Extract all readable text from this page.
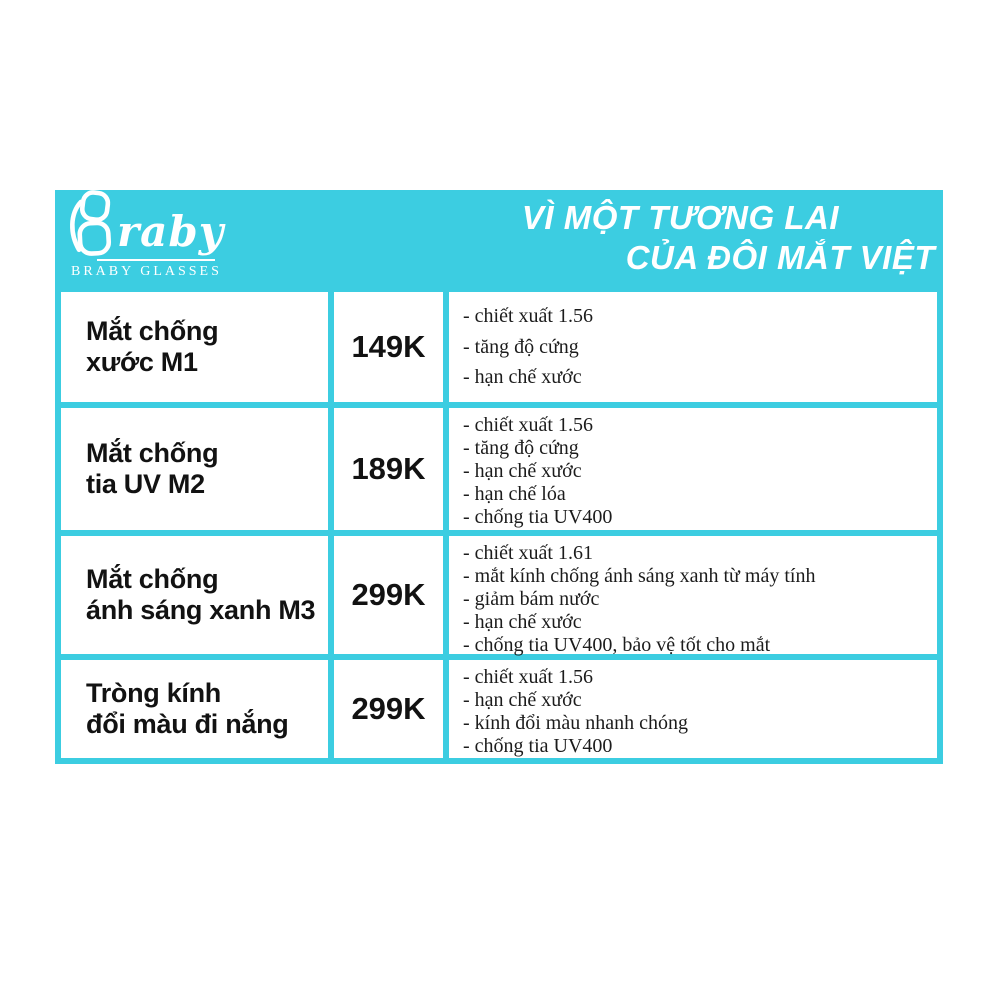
raby
BRABY GLASSES
VÌ MỘT TƯƠNG LAI
CỦA ĐÔI MẮT VIỆT
Mắt chống
xước M1	149K
- chiết xuất 1.56
- tăng độ cứng
- hạn chế xước
Mắt chống
tia UV M2	189K
- chiết xuất 1.56
- tăng độ cứng
- hạn chế xước
- hạn chế lóa
- chống tia UV400
Mắt chống
ánh sáng xanh M3	299K
- chiết xuất 1.61
- mắt kính chống ánh sáng xanh từ máy tính
- giảm bám nước
- hạn chế xước
- chống tia UV400, bảo vệ tốt cho mắt
Tròng kính
đổi màu đi nắng	299K
- chiết xuất 1.56
- hạn chế xước
- kính đổi màu nhanh chóng
- chống tia UV400
